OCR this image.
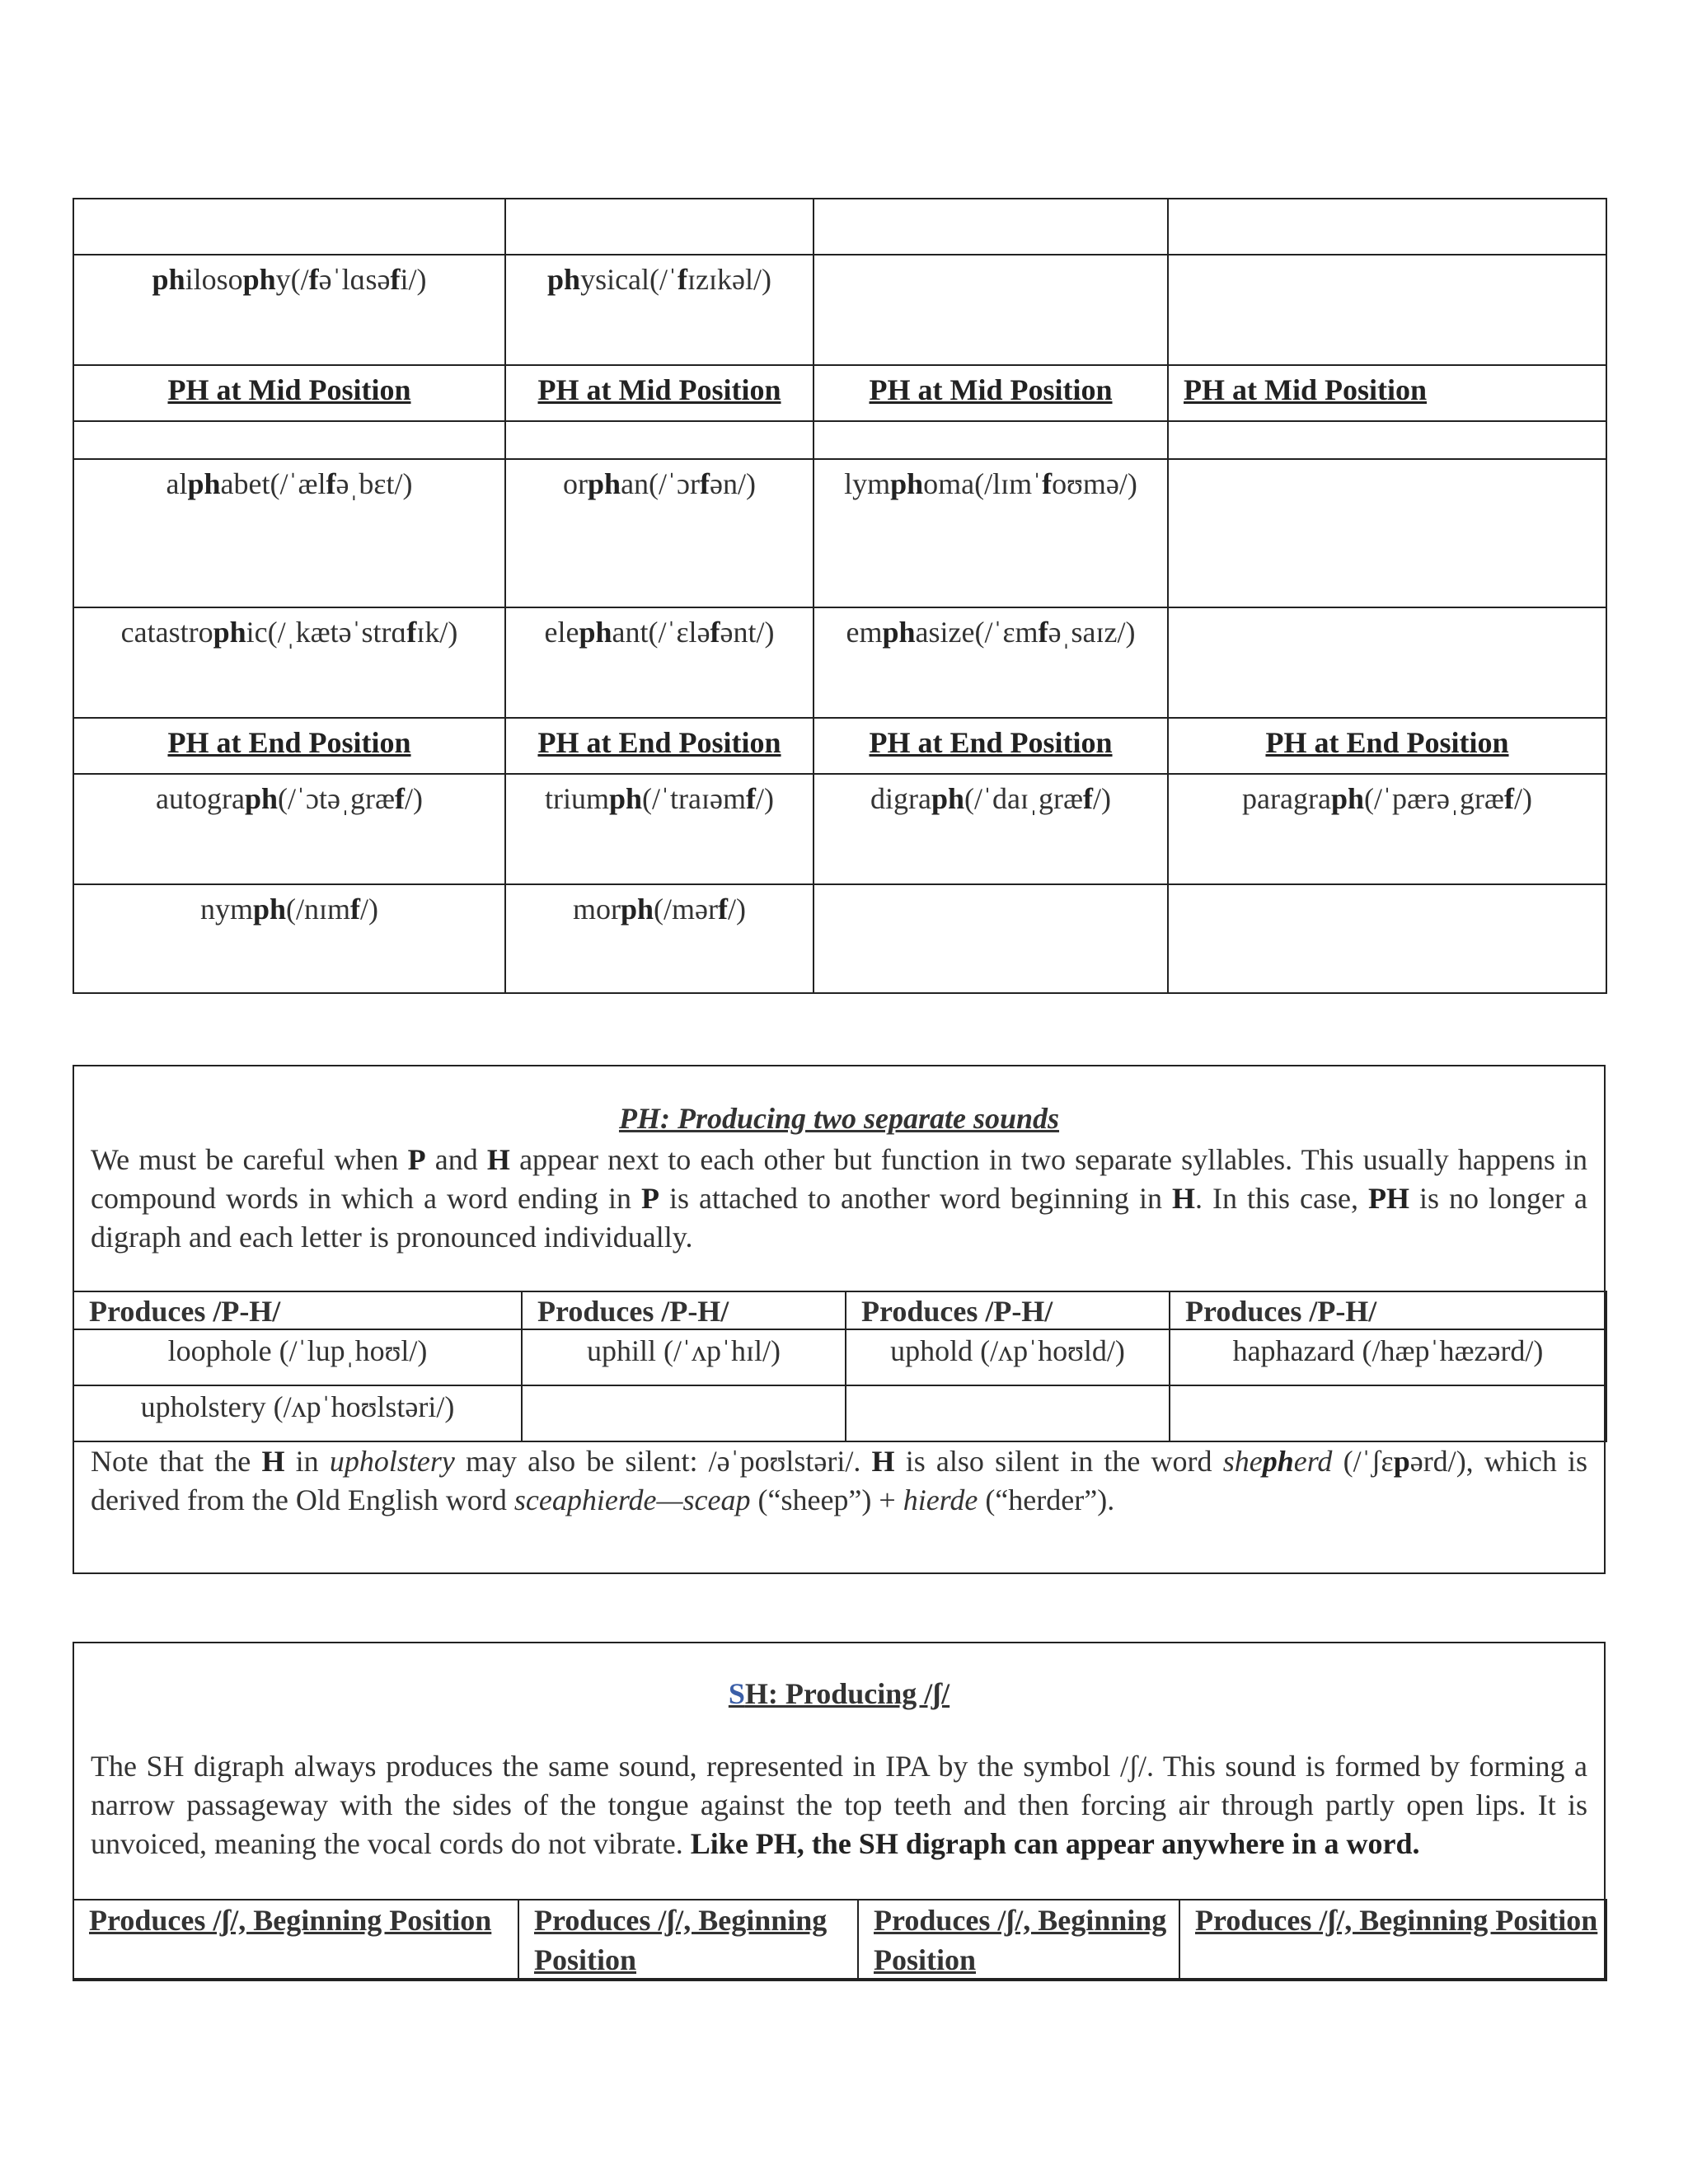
philosophy(/fəˈlɑsəfi/)	physical(/ˈfɪzɪkəl/)		

PH at Mid Position	PH at Mid Position	PH at Mid Position	PH at Mid Position

alphabet(/ˈælfəˌbɛt/)	orphan(/ˈɔrfən/)	lymphoma(/lɪmˈfoʊmə/)	

catastrophic(/ˌkætəˈstrɑfɪk/)	elephant(/ˈɛləfənt/)	emphasize(/ˈɛmfəˌsaɪz/)	

PH at End Position	PH at End Position	PH at End Position	PH at End Position

autograph(/ˈɔtəˌgræf/)	triumph(/ˈtraɪəmf/)	digraph(/ˈdaɪˌgræf/)	paragraph(/ˈpærəˌgræf/)

nymph(/nɪmf/)	morph(/mərf/)		

PH: Producing two separate sounds
We must be careful when P and H appear next to each other but function in two separate syllables. This usually happens in compound words in which a word ending in P is attached to another word beginning in H. In this case, PH is no longer a digraph and each letter is pronounced individually.
Produces /P-H/	Produces /P-H/	Produces /P-H/	Produces /P-H/
loophole (/ˈlupˌhoʊl/)	uphill (/ˈʌpˈhɪl/)	uphold (/ʌpˈhoʊld/)	haphazard (/hæpˈhæzərd/)
upholstery (/ʌpˈhoʊlstəri/)			
Note that the H in upholstery may also be silent: /əˈpoʊlstəri/. H is also silent in the word shepherd (/ˈʃɛpərd/), which is derived from the Old English word sceaphierde—sceap (“sheep”) + hierde (“herder”).
SH: Producing /ʃ/
The SH digraph always produces the same sound, represented in IPA by the symbol /ʃ/. This sound is formed by forming a narrow passageway with the sides of the tongue against the top teeth and then forcing air through partly open lips. It is unvoiced, meaning the vocal cords do not vibrate. Like PH, the SH digraph can appear anywhere in a word.
Produces /ʃ/, Beginning Position	Produces /ʃ/, Beginning Position	Produces /ʃ/, Beginning Position	Produces /ʃ/, Beginning Position
